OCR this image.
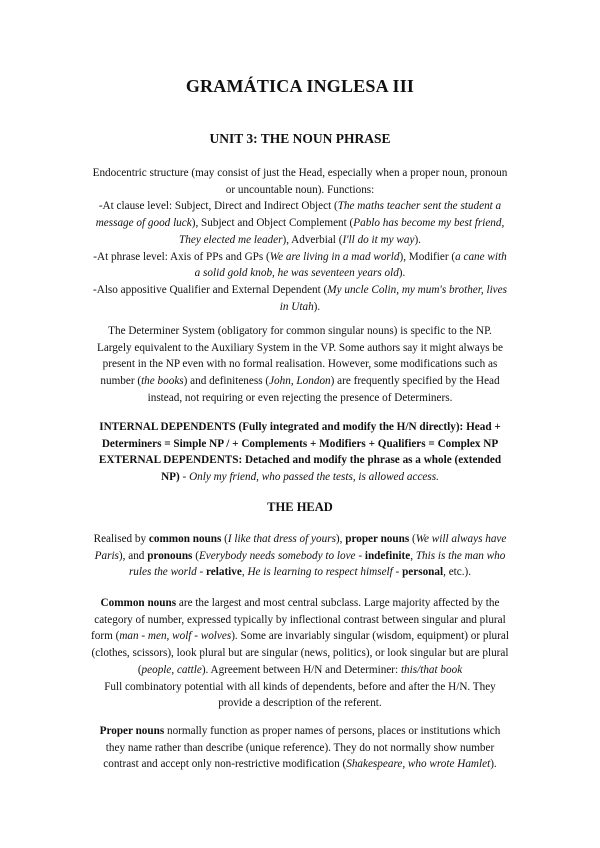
GRAMÁTICA INGLESA III
UNIT 3: THE NOUN PHRASE
Endocentric structure (may consist of just the Head, especially when a proper noun, pronoun
or uncountable noun). Functions:
-At clause level: Subject, Direct and Indirect Object (The maths teacher sent the student a
message of good luck), Subject and Object Complement (Pablo has become my best friend,
They elected me leader), Adverbial (I'll do it my way).
-At phrase level: Axis of PPs and GPs (We are living in a mad world), Modifier (a cane with
a solid gold knob, he was seventeen years old).
-Also appositive Qualifier and External Dependent (My uncle Colin, my mum's brother, lives
in Utah).
The Determiner System (obligatory for common singular nouns) is specific to the NP.
Largely equivalent to the Auxiliary System in the VP. Some authors say it might always be
present in the NP even with no formal realisation. However, some modifications such as
number (the books) and definiteness (John, London) are frequently specified by the Head
instead, not requiring or even rejecting the presence of Determiners.
INTERNAL DEPENDENTS (Fully integrated and modify the H/N directly): Head +
Determiners = Simple NP / + Complements + Modifiers + Qualifiers = Complex NP
EXTERNAL DEPENDENTS: Detached and modify the phrase as a whole (extended
NP) - Only my friend, who passed the tests, is allowed access.
THE HEAD
Realised by common nouns (I like that dress of yours), proper nouns (We will always have
Paris), and pronouns (Everybody needs somebody to love - indefinite, This is the man who
rules the world - relative, He is learning to respect himself - personal, etc.).
Common nouns are the largest and most central subclass. Large majority affected by the
category of number, expressed typically by inflectional contrast between singular and plural
form (man - men, wolf - wolves). Some are invariably singular (wisdom, equipment) or plural
(clothes, scissors), look plural but are singular (news, politics), or look singular but are plural
(people, cattle). Agreement between H/N and Determiner: this/that book
Full combinatory potential with all kinds of dependents, before and after the H/N. They
provide a description of the referent.
Proper nouns normally function as proper names of persons, places or institutions which
they name rather than describe (unique reference). They do not normally show number
contrast and accept only non-restrictive modification (Shakespeare, who wrote Hamlet).
